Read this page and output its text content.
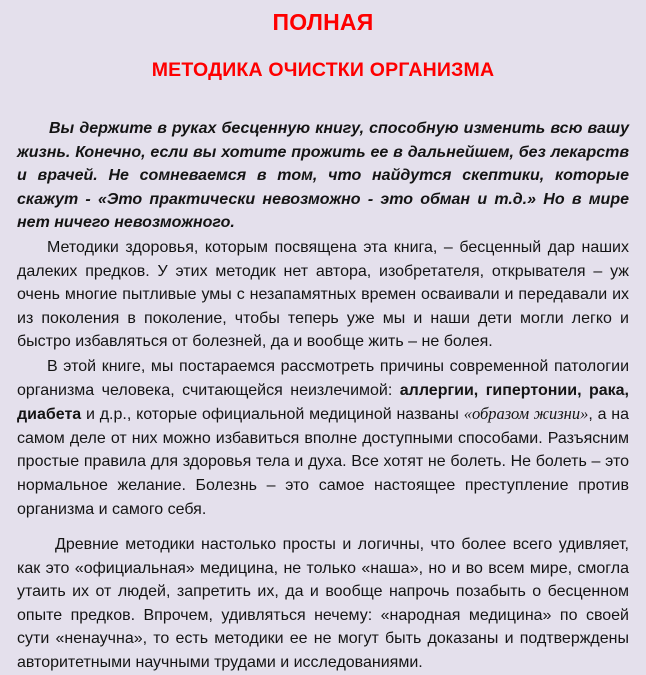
ПОЛНАЯ
МЕТОДИКА ОЧИСТКИ ОРГАНИЗМА

Вы держите в руках бесценную книгу, способную изменить всю вашу жизнь. Конечно, если вы хотите прожить ее в дальнейшем, без лекарств и врачей. Не сомневаемся в том, что найдутся скептики, которые скажут - «Это практически невозможно - это обман и т.д.» Но в мире нет ничего невозможного.

Методики здоровья, которым посвящена эта книга, – бесценный дар наших далеких предков. У этих методик нет автора, изобретателя, открывателя – уж очень многие пытливые умы с незапамятных времен осваивали и передавали их из поколения в поколение, чтобы теперь уже мы и наши дети могли легко и быстро избавляться от болезней, да и вообще жить – не болея.

В этой книге, мы постараемся рассмотреть причины современной патологии организма человека, считающейся неизлечимой: аллергии, гипертонии, рака, диабета и д.р., которые официальной медициной названы «образом жизни», а на самом деле от них можно избавиться вполне доступными способами. Разъясним простые правила для здоровья тела и духа. Все хотят не болеть. Не болеть – это нормальное желание. Болезнь – это самое настоящее преступление против организма и самого себя.

Древние методики настолько просты и логичны, что более всего удивляет, как это «официальная» медицина, не только «наша», но и во всем мире, смогла утаить их от людей, запретить их, да и вообще напрочь позабыть о бесценном опыте предков. Впрочем, удивляться нечему: «народная медицина» по своей сути «ненаучна», то есть методики ее не могут быть доказаны и подтверждены авторитетными научными трудами и исследованиями.
